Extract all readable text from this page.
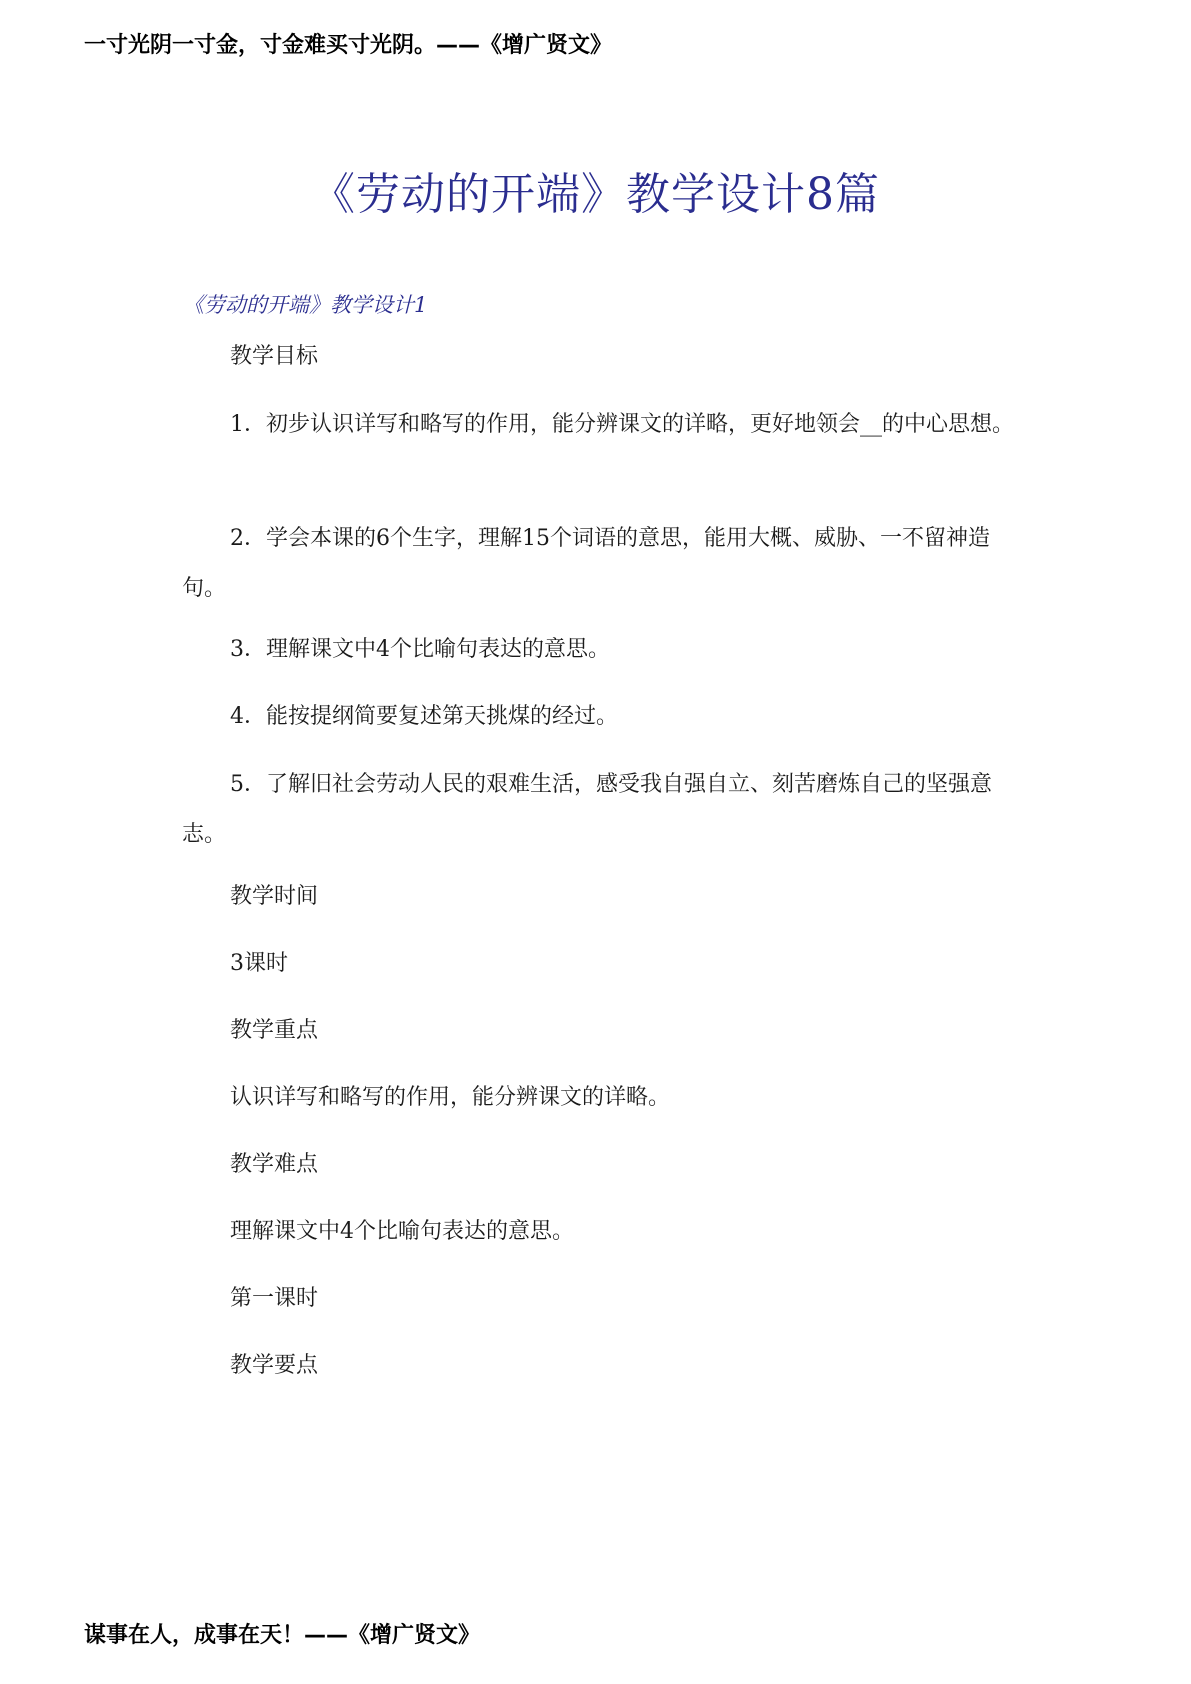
一寸光阴一寸金，寸金难买寸光阴。——《增广贤文》
《劳动的开端》教学设计8篇
《劳动的开端》教学设计1
教学目标
1．初步认识详写和略写的作用，能分辨课文的详略，更好地领会__的中心思想。
2．学会本课的6个生字，理解15个词语的意思，能用大概、威胁、一不留神造句。
3．理解课文中4个比喻句表达的意思。
4．能按提纲简要复述第天挑煤的经过。
5．了解旧社会劳动人民的艰难生活，感受我自强自立、刻苦磨炼自己的坚强意志。
教学时间
3课时
教学重点
认识详写和略写的作用，能分辨课文的详略。
教学难点
理解课文中4个比喻句表达的意思。
第一课时
教学要点
谋事在人，成事在天！——《增广贤文》
